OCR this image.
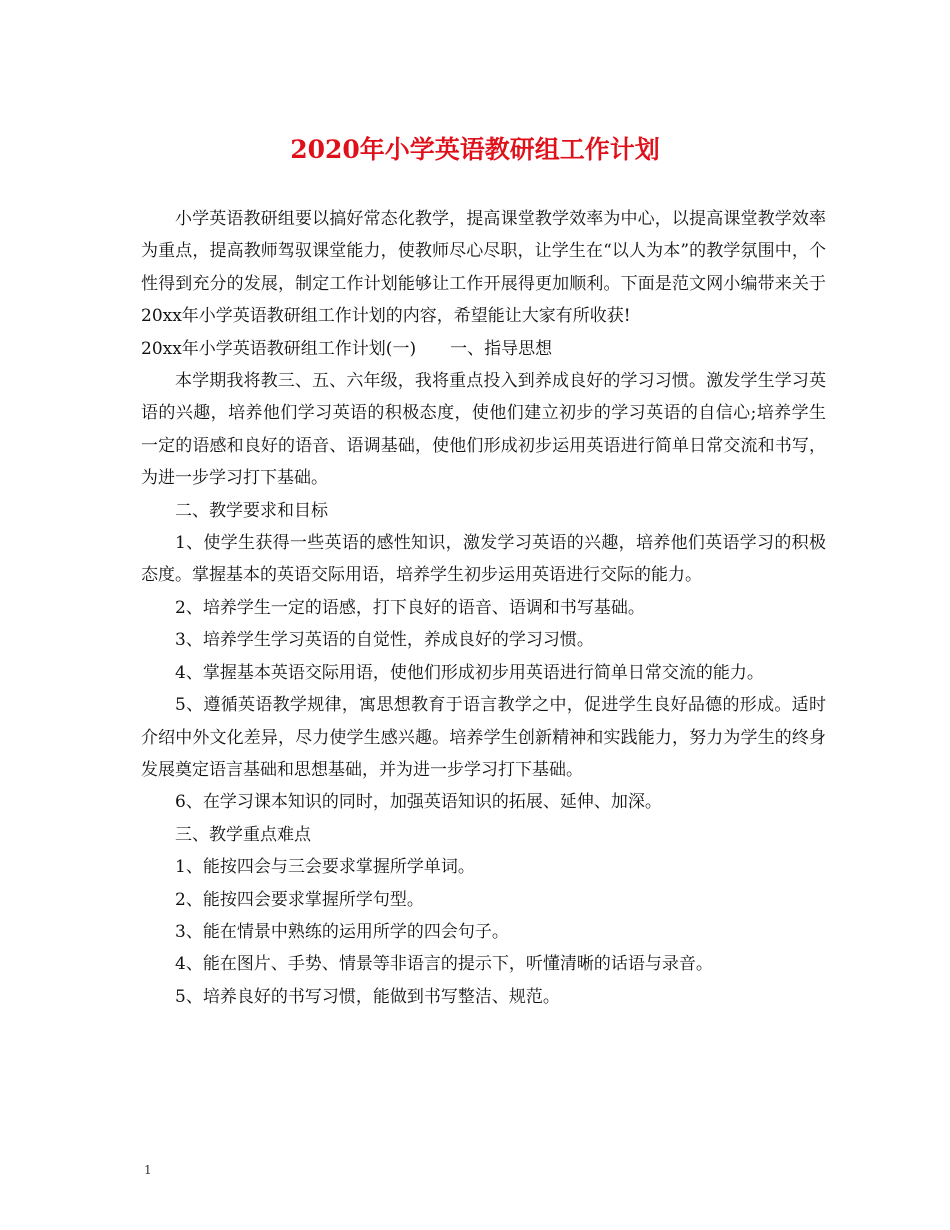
2020年小学英语教研组工作计划

小学英语教研组要以搞好常态化教学，提高课堂教学效率为中心，以提高课堂教学效率为重点，提高教师驾驭课堂能力，使教师尽心尽职，让学生在“以人为本”的教学氛围中，个性得到充分的发展，制定工作计划能够让工作开展得更加顺利。下面是范文网小编带来关于20xx年小学英语教研组工作计划的内容，希望能让大家有所收获!

20xx年小学英语教研组工作计划(一)　　一、指导思想

本学期我将教三、五、六年级，我将重点投入到养成良好的学习习惯。激发学生学习英语的兴趣，培养他们学习英语的积极态度，使他们建立初步的学习英语的自信心;培养学生一定的语感和良好的语音、语调基础，使他们形成初步运用英语进行简单日常交流和书写，为进一步学习打下基础。

二、教学要求和目标

1、使学生获得一些英语的感性知识，激发学习英语的兴趣，培养他们英语学习的积极态度。掌握基本的英语交际用语，培养学生初步运用英语进行交际的能力。

2、培养学生一定的语感，打下良好的语音、语调和书写基础。

3、培养学生学习英语的自觉性，养成良好的学习习惯。

4、掌握基本英语交际用语，使他们形成初步用英语进行简单日常交流的能力。

5、遵循英语教学规律，寓思想教育于语言教学之中，促进学生良好品德的形成。适时介绍中外文化差异，尽力使学生感兴趣。培养学生创新精神和实践能力，努力为学生的终身发展奠定语言基础和思想基础，并为进一步学习打下基础。

6、在学习课本知识的同时，加强英语知识的拓展、延伸、加深。

三、教学重点难点

1、能按四会与三会要求掌握所学单词。

2、能按四会要求掌握所学句型。

3、能在情景中熟练的运用所学的四会句子。

4、能在图片、手势、情景等非语言的提示下，听懂清晰的话语与录音。

5、培养良好的书写习惯，能做到书写整洁、规范。

1
